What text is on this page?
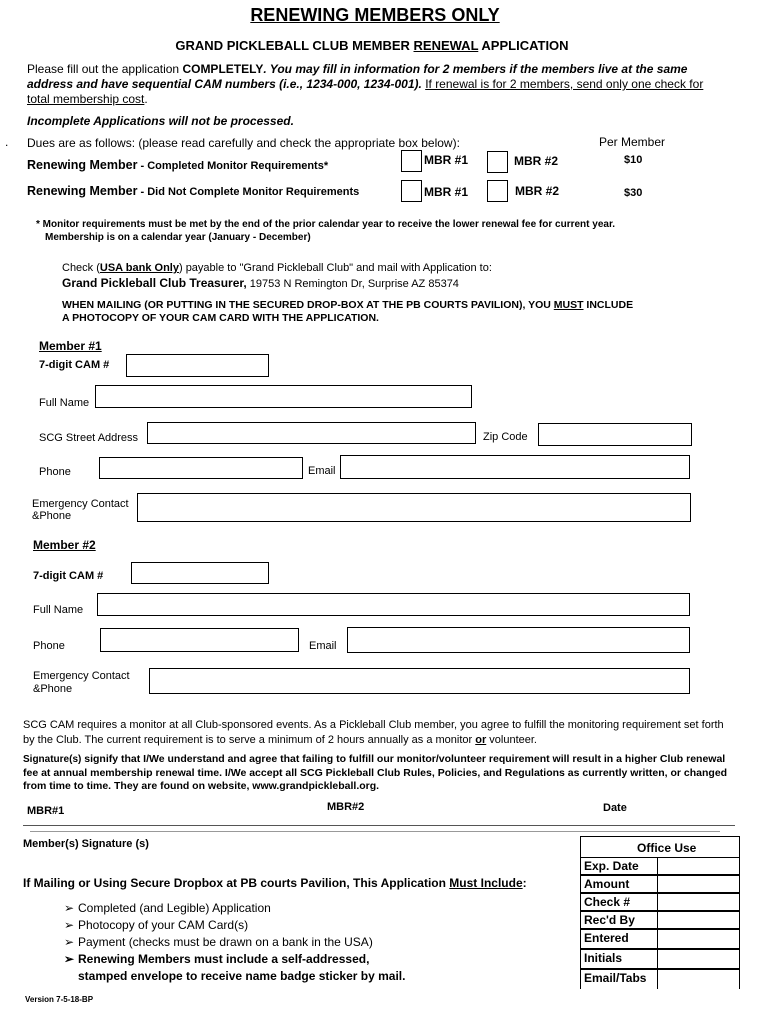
RENEWING MEMBERS ONLY
GRAND PICKLEBALL CLUB MEMBER RENEWAL APPLICATION
Please fill out the application COMPLETELY. You may fill in information for 2 members if the members live at the same address and have sequential CAM numbers (i.e., 1234-000, 1234-001). If renewal is for 2 members, send only one check for total membership cost.
Incomplete Applications will not be processed.
. Dues are as follows: (please read carefully and check the appropriate box below):	Per Member
Renewing Member - Completed Monitor Requirements*	MBR #1	MBR #2	$10
Renewing Member - Did Not Complete Monitor Requirements	MBR #1	MBR #2	$30
* Monitor requirements must be met by the end of the prior calendar year to receive the lower renewal fee for current year.
Membership is on a calendar year (January - December)
Check (USA bank Only) payable to "Grand Pickleball Club" and mail with Application to:
Grand Pickleball Club Treasurer, 19753 N Remington Dr, Surprise AZ 85374
WHEN MAILING (OR PUTTING IN THE SECURED DROP-BOX AT THE PB COURTS PAVILION), YOU MUST INCLUDE
A PHOTOCOPY OF YOUR CAM CARD WITH THE APPLICATION.
Member #1
7-digit CAM #
Full Name
SCG Street Address	Zip Code
Phone	Email
Emergency Contact
&Phone
Member #2
7-digit CAM #
Full Name
Phone	Email
Emergency Contact
&Phone
SCG CAM requires a monitor at all Club-sponsored events. As a Pickleball Club member, you agree to fulfill the monitoring requirement set forth by the Club. The current requirement is to serve a minimum of 2 hours annually as a monitor or volunteer.
Signature(s) signify that I/We understand and agree that failing to fulfill our monitor/volunteer requirement will result in a higher Club renewal fee at annual membership renewal time. I/We accept all SCG Pickleball Club Rules, Policies, and Regulations as currently written, or changed from time to time. They are found on website, www.grandpickleball.org.
MBR#1	MBR#2	Date
Member(s) Signature (s)
If Mailing or Using Secure Dropbox at PB courts Pavilion, This Application Must Include:
➢ Completed (and Legible) Application
➢ Photocopy of your CAM Card(s)
➢ Payment (checks must be drawn on a bank in the USA)
➢ Renewing Members must include a self-addressed,
stamped envelope to receive name badge sticker by mail.
Office Use
Exp. Date
Amount
Check #
Rec'd By
Entered
Initials
Email/Tabs
Version 7-5-18-BP
